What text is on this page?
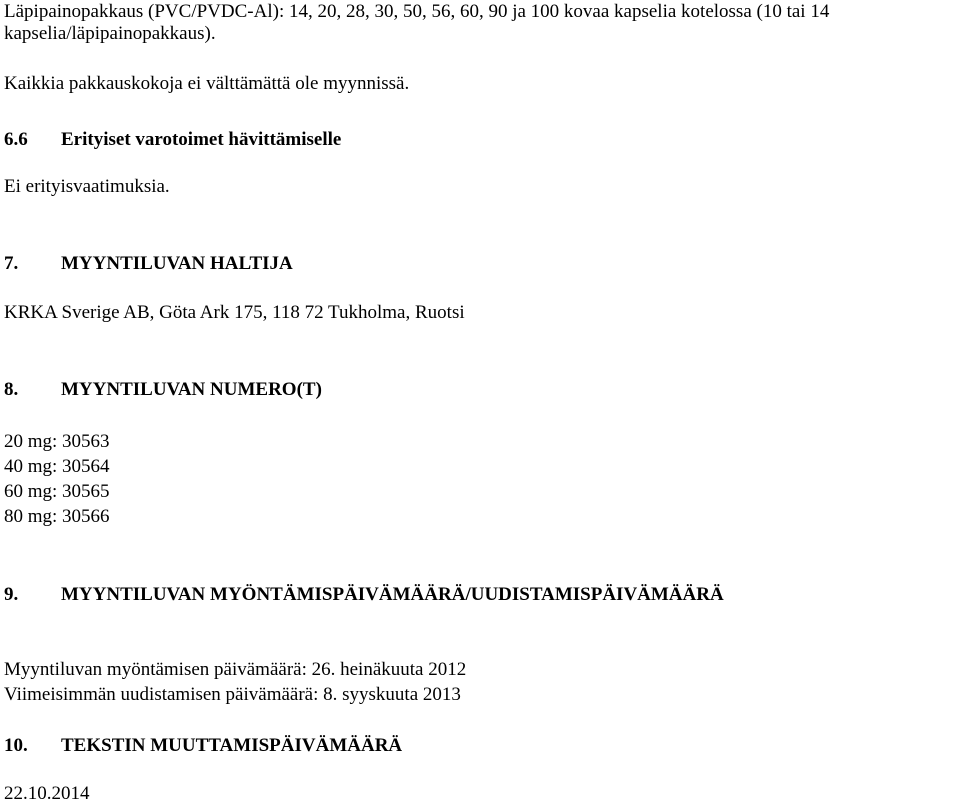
Läpipainopakkaus (PVC/PVDC-Al): 14, 20, 28, 30, 50, 56, 60, 90 ja 100 kovaa kapselia kotelossa (10 tai 14
kapselia/läpipainopakkaus).
Kaikkia pakkauskokoja ei välttämättä ole myynnissä.
6.6 Erityiset varotoimet hävittämiselle
Ei erityisvaatimuksia.
7. MYYNTILUVAN HALTIJA
KRKA Sverige AB, Göta Ark 175, 118 72 Tukholma, Ruotsi
8. MYYNTILUVAN NUMERO(T)
20 mg: 30563
40 mg: 30564
60 mg: 30565
80 mg: 30566
9. MYYNTILUVAN MYÖNTÄMISPÄIVÄMÄÄRÄ/UUDISTAMISPÄIVÄMÄÄRÄ
Myyntiluvan myöntämisen päivämäärä: 26. heinäkuuta 2012
Viimeisimmän uudistamisen päivämäärä: 8. syyskuuta 2013
10. TEKSTIN MUUTTAMISPÄIVÄMÄÄRÄ
22.10.2014
